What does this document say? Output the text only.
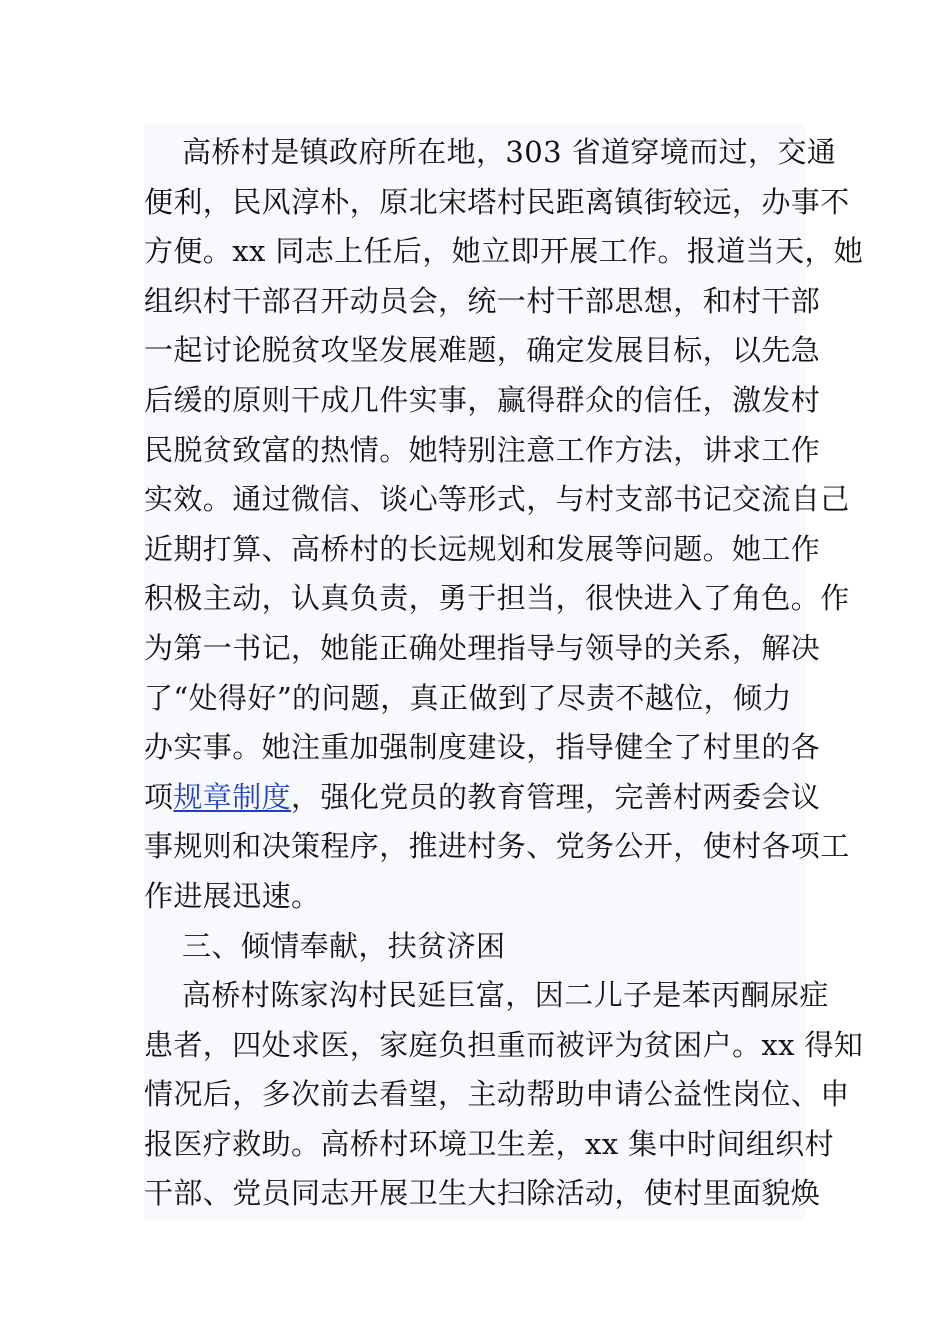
高桥村是镇政府所在地，303 省道穿境而过，交通
便利，民风淳朴，原北宋塔村民距离镇街较远，办事不
方便。xx 同志上任后，她立即开展工作。报道当天，她
组织村干部召开动员会，统一村干部思想，和村干部
一起讨论脱贫攻坚发展难题，确定发展目标，以先急
后缓的原则干成几件实事，赢得群众的信任，激发村
民脱贫致富的热情。她特别注意工作方法，讲求工作
实效。通过微信、谈心等形式，与村支部书记交流自己
近期打算、高桥村的长远规划和发展等问题。她工作
积极主动，认真负责，勇于担当，很快进入了角色。作
为第一书记，她能正确处理指导与领导的关系，解决
了“处得好”的问题，真正做到了尽责不越位，倾力
办实事。她注重加强制度建设，指导健全了村里的各
项规章制度，强化党员的教育管理，完善村两委会议
事规则和决策程序，推进村务、党务公开，使村各项工
作进展迅速。
三、倾情奉献，扶贫济困
高桥村陈家沟村民延巨富，因二儿子是苯丙酮尿症
患者，四处求医，家庭负担重而被评为贫困户。xx 得知
情况后，多次前去看望，主动帮助申请公益性岗位、申
报医疗救助。高桥村环境卫生差，xx 集中时间组织村
干部、党员同志开展卫生大扫除活动，使村里面貌焕
